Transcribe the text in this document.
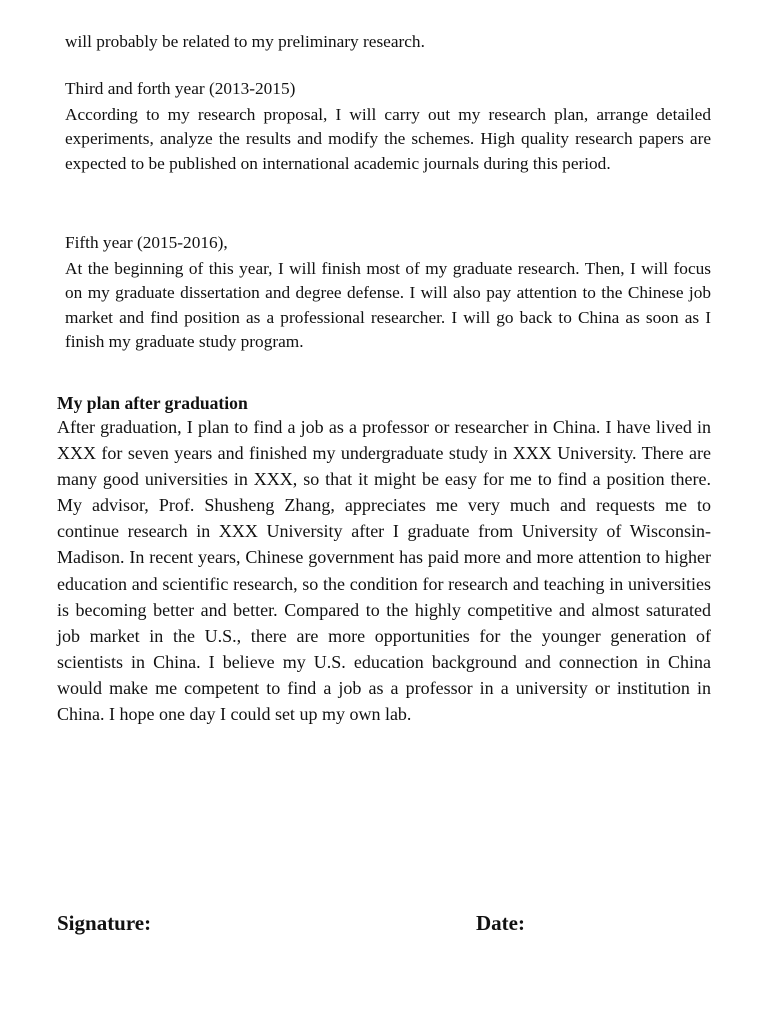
will probably be related to my preliminary research.

Third and forth year (2013-2015)

According to my research proposal, I will carry out my research plan, arrange detailed experiments, analyze the results and modify the schemes. High quality research papers are expected to be published on international academic journals during this period.

Fifth year (2015-2016),

At the beginning of this year, I will finish most of my graduate research. Then, I will focus on my graduate dissertation and degree defense. I will also pay attention to the Chinese job market and find position as a professional researcher. I will go back to China as soon as I finish my graduate study program.

My plan after graduation

After graduation, I plan to find a job as a professor or researcher in China. I have lived in XXX for seven years and finished my undergraduate study in XXX University. There are many good universities in XXX, so that it might be easy for me to find a position there. My advisor, Prof. Shusheng Zhang, appreciates me very much and requests me to continue research in XXX University after I graduate from University of Wisconsin-Madison. In recent years, Chinese government has paid more and more attention to higher education and scientific research, so the condition for research and teaching in universities is becoming better and better. Compared to the highly competitive and almost saturated job market in the U.S., there are more opportunities for the younger generation of scientists in China. I believe my U.S. education background and connection in China would make me competent to find a job as a professor in a university or institution in China. I hope one day I could set up my own lab.

Signature:	Date:
